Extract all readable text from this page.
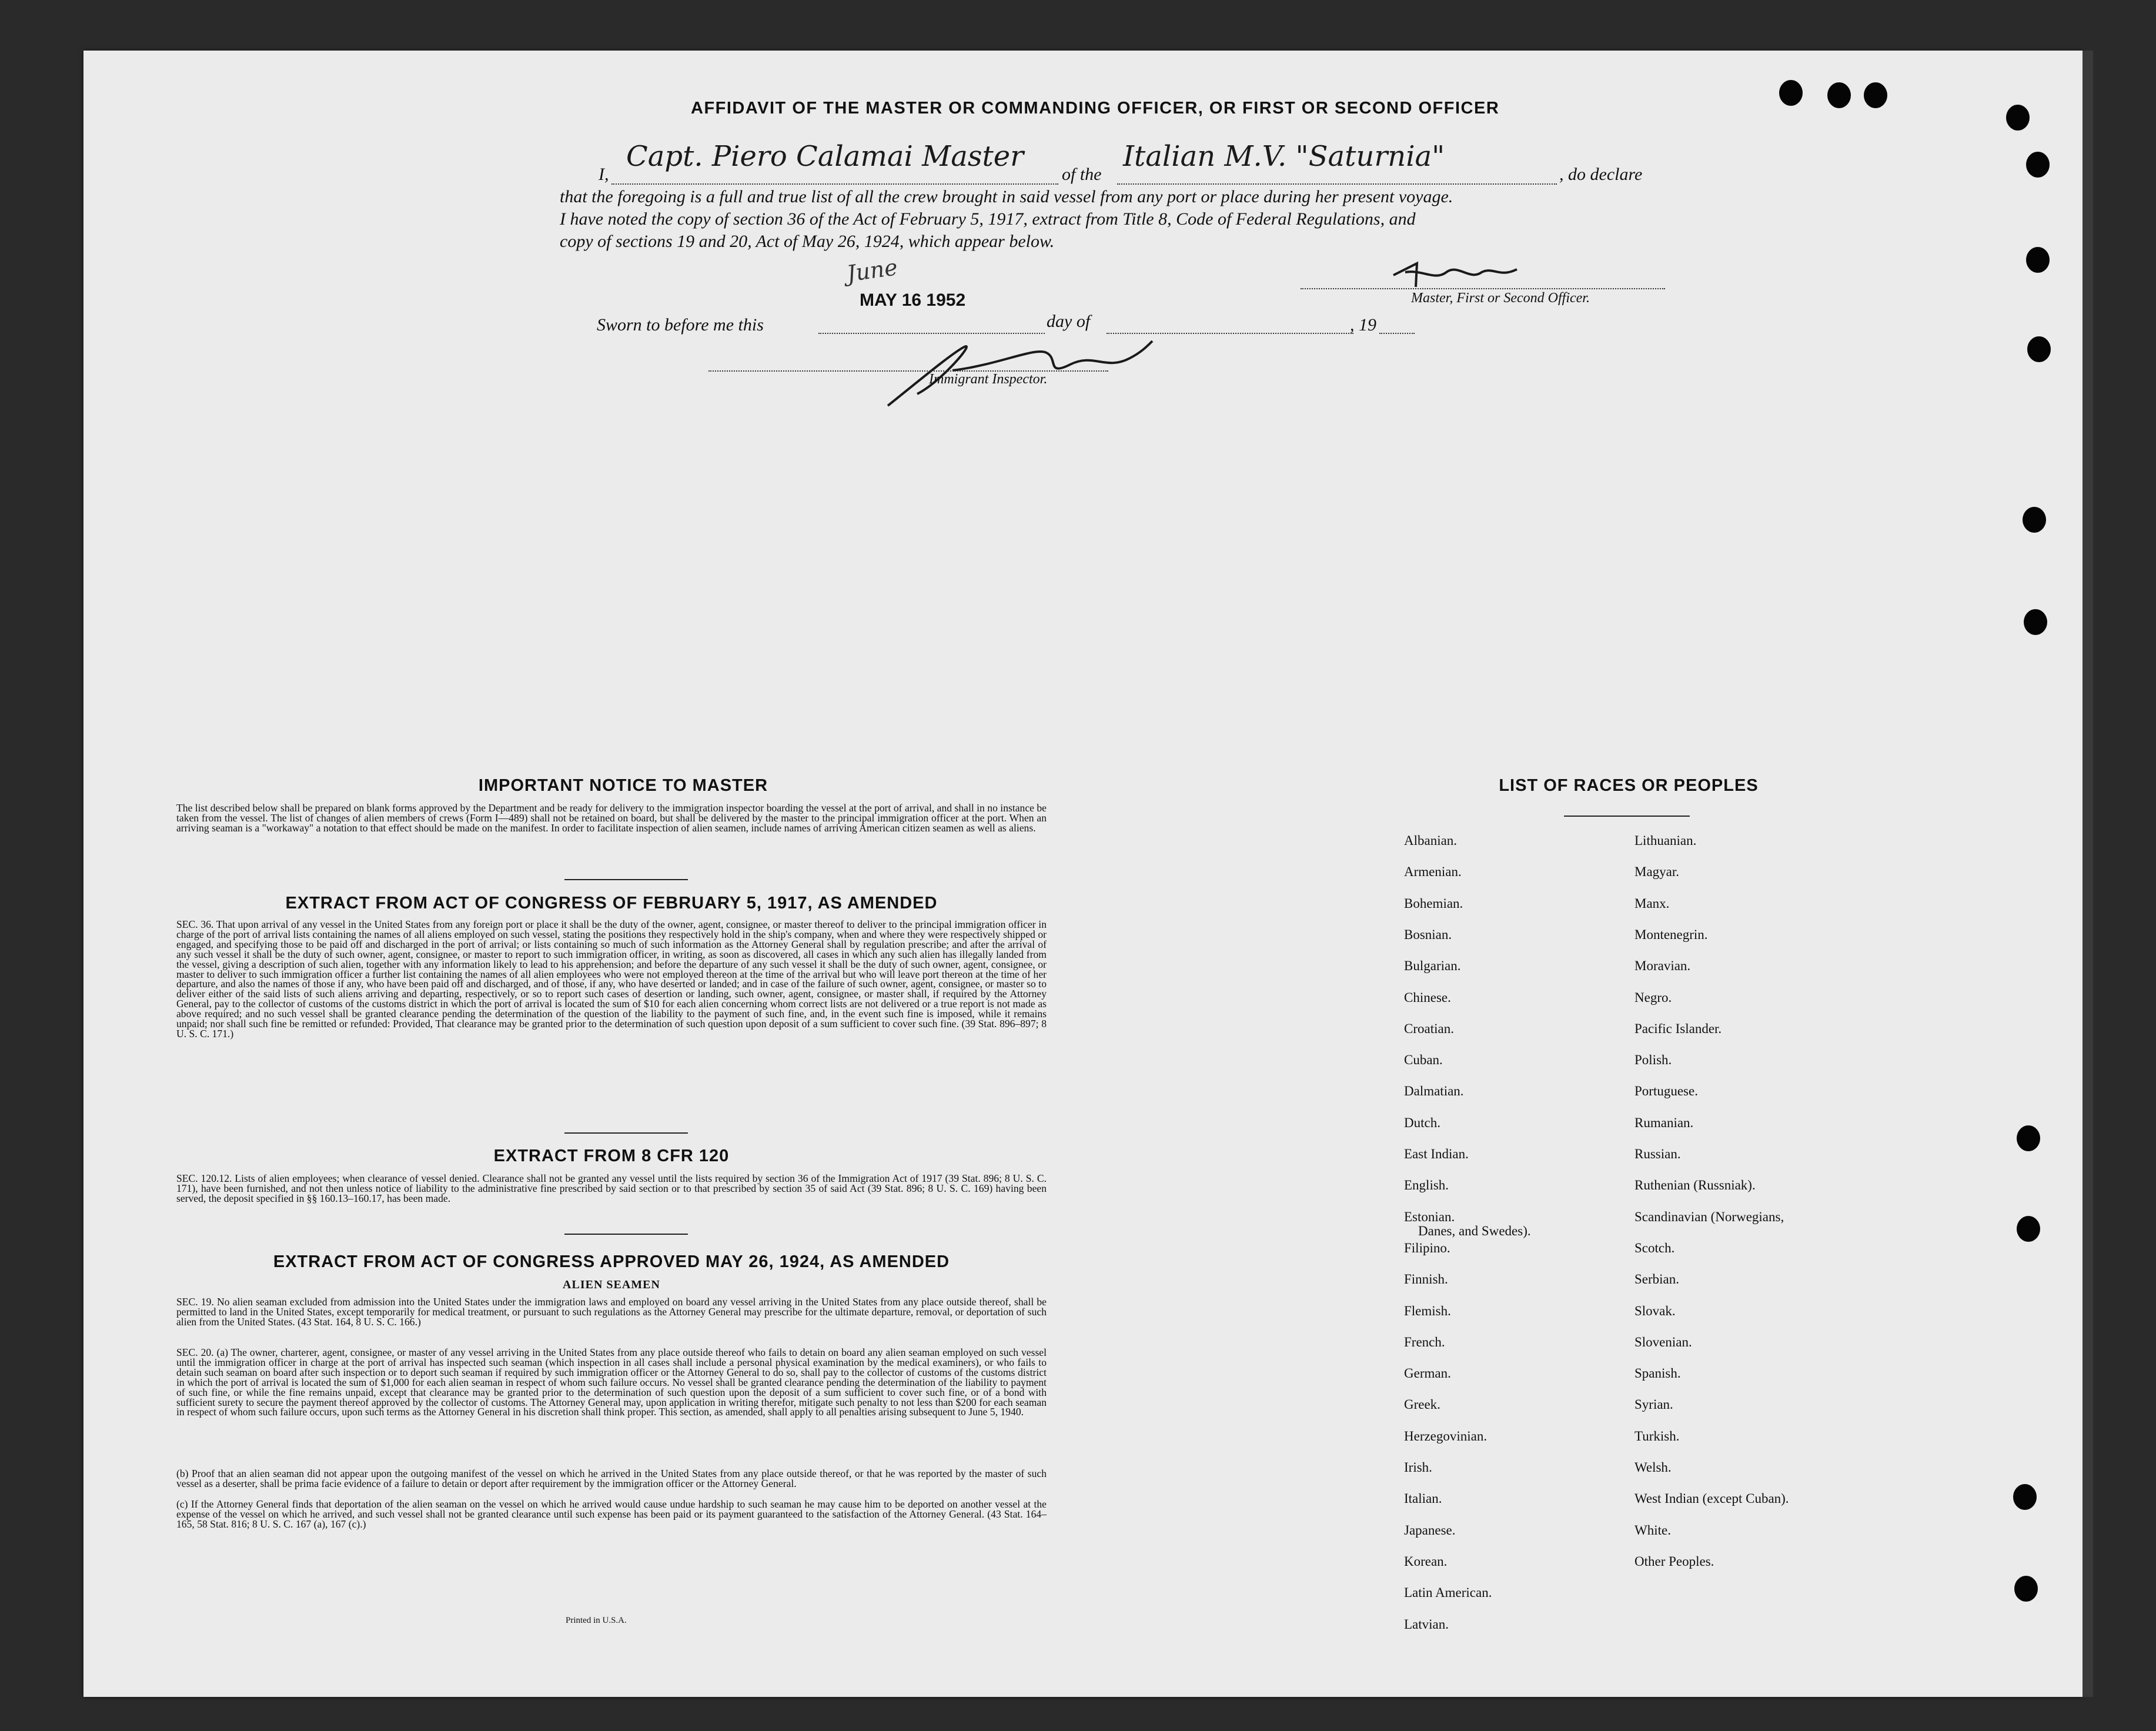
AFFIDAVIT OF THE MASTER OR COMMANDING OFFICER, OR FIRST OR SECOND OFFICER
I,
Capt. Piero Calamai Master
of the
Italian M.V. "Saturnia"
, do declare
that the foregoing is a full and true list of all the crew brought in said vessel from any port or place during her present voyage.
I have noted the copy of section 36 of the Act of February 5, 1917, extract from Title 8, Code of Federal Regulations, and
copy of sections 19 and 20, Act of May 26, 1924, which appear below.
Master, First or Second Officer.
Sworn to before me this
June
MAY 16 1952
day of	, 19
Immigrant Inspector.
IMPORTANT NOTICE TO MASTER
The list described below shall be prepared on blank forms approved by the Department and be ready for delivery to the immigration inspector boarding the vessel at the port of arrival, and shall in no instance be taken from the vessel. The list of changes of alien members of crews (Form I—489) shall not be retained on board, but shall be delivered by the master to the principal immigration officer at the port. When an arriving seaman is a "workaway" a notation to that effect should be made on the manifest. In order to facilitate inspection of alien seamen, include names of arriving American citizen seamen as well as aliens.
EXTRACT FROM ACT OF CONGRESS OF FEBRUARY 5, 1917, AS AMENDED
SEC. 36. That upon arrival of any vessel in the United States from any foreign port or place it shall be the duty of the owner, agent, consignee, or master thereof to deliver to the principal immigration officer in charge of the port of arrival lists containing the names of all aliens employed on such vessel, stating the positions they respectively hold in the ship's company, when and where they were respectively shipped or engaged, and specifying those to be paid off and discharged in the port of arrival; or lists containing so much of such information as the Attorney General shall by regulation prescribe; and after the arrival of any such vessel it shall be the duty of such owner, agent, consignee, or master to report to such immigration officer, in writing, as soon as discovered, all cases in which any such alien has illegally landed from the vessel, giving a description of such alien, together with any information likely to lead to his apprehension; and before the departure of any such vessel it shall be the duty of such owner, agent, consignee, or master to deliver to such immigration officer a further list containing the names of all alien employees who were not employed thereon at the time of the arrival but who will leave port thereon at the time of her departure, and also the names of those if any, who have been paid off and discharged, and of those, if any, who have deserted or landed; and in case of the failure of such owner, agent, consignee, or master so to deliver either of the said lists of such aliens arriving and departing, respectively, or so to report such cases of desertion or landing, such owner, agent, consignee, or master shall, if required by the Attorney General, pay to the collector of customs of the customs district in which the port of arrival is located the sum of $10 for each alien concerning whom correct lists are not delivered or a true report is not made as above required; and no such vessel shall be granted clearance pending the determination of the question of the liability to the payment of such fine, and, in the event such fine is imposed, while it remains unpaid; nor shall such fine be remitted or refunded: Provided, That clearance may be granted prior to the determination of such question upon deposit of a sum sufficient to cover such fine. (39 Stat. 896–897; 8 U. S. C. 171.)
EXTRACT FROM 8 CFR 120
SEC. 120.12. Lists of alien employees; when clearance of vessel denied. Clearance shall not be granted any vessel until the lists required by section 36 of the Immigration Act of 1917 (39 Stat. 896; 8 U. S. C. 171), have been furnished, and not then unless notice of liability to the administrative fine prescribed by said section or to that prescribed by section 35 of said Act (39 Stat. 896; 8 U. S. C. 169) having been served, the deposit specified in §§ 160.13–160.17, has been made.
EXTRACT FROM ACT OF CONGRESS APPROVED MAY 26, 1924, AS AMENDED
ALIEN SEAMEN
SEC. 19. No alien seaman excluded from admission into the United States under the immigration laws and employed on board any vessel arriving in the United States from any place outside thereof, shall be permitted to land in the United States, except temporarily for medical treatment, or pursuant to such regulations as the Attorney General may prescribe for the ultimate departure, removal, or deportation of such alien from the United States. (43 Stat. 164, 8 U. S. C. 166.)
SEC. 20. (a) The owner, charterer, agent, consignee, or master of any vessel arriving in the United States from any place outside thereof who fails to detain on board any alien seaman employed on such vessel until the immigration officer in charge at the port of arrival has inspected such seaman (which inspection in all cases shall include a personal physical examination by the medical examiners), or who fails to detain such seaman on board after such inspection or to deport such seaman if required by such immigration officer or the Attorney General to do so, shall pay to the collector of customs of the customs district in which the port of arrival is located the sum of $1,000 for each alien seaman in respect of whom such failure occurs. No vessel shall be granted clearance pending the determination of the liability to payment of such fine, or while the fine remains unpaid, except that clearance may be granted prior to the determination of such question upon the deposit of a sum sufficient to cover such fine, or of a bond with sufficient surety to secure the payment thereof approved by the collector of customs. The Attorney General may, upon application in writing therefor, mitigate such penalty to not less than $200 for each seaman in respect of whom such failure occurs, upon such terms as the Attorney General in his discretion shall think proper. This section, as amended, shall apply to all penalties arising subsequent to June 5, 1940.
(b) Proof that an alien seaman did not appear upon the outgoing manifest of the vessel on which he arrived in the United States from any place outside thereof, or that he was reported by the master of such vessel as a deserter, shall be prima facie evidence of a failure to detain or deport after requirement by the immigration officer or the Attorney General.
(c) If the Attorney General finds that deportation of the alien seaman on the vessel on which he arrived would cause undue hardship to such seaman he may cause him to be deported on another vessel at the expense of the vessel on which he arrived, and such vessel shall not be granted clearance until such expense has been paid or its payment guaranteed to the satisfaction of the Attorney General. (43 Stat. 164–165, 58 Stat. 816; 8 U. S. C. 167 (a), 167 (c).)
Printed in U.S.A.
LIST OF RACES OR PEOPLES
Albanian.
Armenian.
Bohemian.
Bosnian.
Bulgarian.
Chinese.
Croatian.
Cuban.
Dalmatian.
Dutch.
East Indian.
English.
Estonian.
Filipino.
Finnish.
Flemish.
French.
German.
Greek.
Herzegovinian.
Irish.
Italian.
Japanese.
Korean.
Latin American.
Latvian.
Lithuanian.
Magyar.
Manx.
Montenegrin.
Moravian.
Negro.
Pacific Islander.
Polish.
Portuguese.
Rumanian.
Russian.
Ruthenian (Russniak).
Scandinavian (Norwegians,
Danes, and Swedes).
Scotch.
Serbian.
Slovak.
Slovenian.
Spanish.
Syrian.
Turkish.
Welsh.
West Indian (except Cuban).
White.
Other Peoples.
